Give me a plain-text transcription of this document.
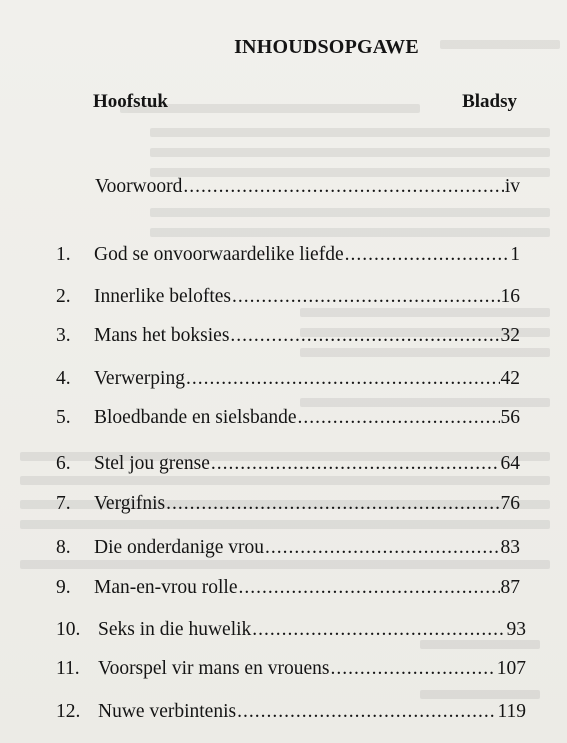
INHOUDSOPGAWE
Hoofstuk	Bladsy
Voorwoord .....	iv
1.	God se onvoorwaardelike liefde .....	1
2.	Innerlike beloftes .....	16
3.	Mans het boksies .....	32
4.	Verwerping .....	42
5.	Bloedbande en sielsbande .....	56
6.	Stel jou grense .....	64
7.	Vergifnis .....	76
8.	Die onderdanige vrou .....	83
9.	Man-en-vrou rolle .....	87
10. Seks in die huwelik .....	93
11. Voorspel vir mans en vrouens .....	107
12. Nuwe verbintenis .....	119
